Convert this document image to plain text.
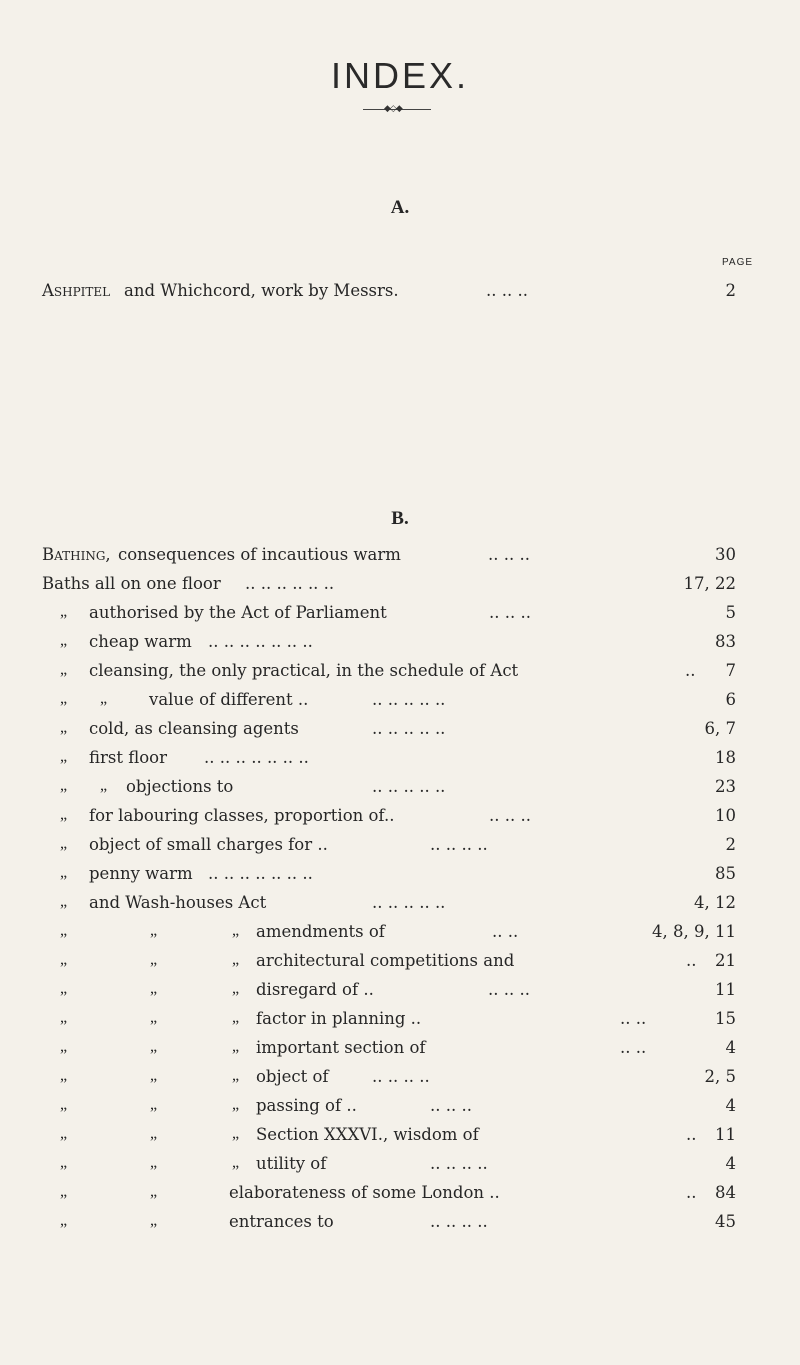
INDEX.
◆◇◆
A.
PAGE
Ashpitel and Whichcord, work by Messrs.	.. .. ..	2
B.
Bathing, consequences of incautious warm	.. .. ..	30
Baths all on one floor .. .. .. .. .. ..	17, 22
„ authorised by the Act of Parliament	.. .. ..	5
„ cheap warm .. .. .. .. .. .. ..	83
„ cleansing, the only practical, in the schedule of Act	.. 7
„ „	value of different ..	.. .. .. .. ..	6
„ cold, as cleansing agents	.. .. .. .. ..	6, 7
„ first floor .. .. .. .. .. .. ..	18
„ „ objections to	.. .. .. .. ..	23
„ for labouring classes, proportion of..	.. .. ..	10
„ object of small charges for ..	.. .. .. ..	2
„ penny warm .. .. .. .. .. .. ..	85
„ and Wash-houses Act	.. .. .. .. ..	4, 12
„	„	„ amendments of	.. ..	4, 8, 9, 11
„	„	„ architectural competitions and	.. 21
„	„	„ disregard of ..	.. .. ..	11
„	„	„ factor in planning ..	.. ..	15
„	„	„ important section of	.. ..	4
„	„	„ object of	.. .. .. ..	2, 5
„	„	„ passing of ..	.. .. ..	4
„	„	„ Section XXXVI., wisdom of	.. 11
„	„	„ utility of	.. .. .. ..	4
„	„	elaborateness of some London ..	.. 84
„	„	entrances to	.. .. .. ..	45
